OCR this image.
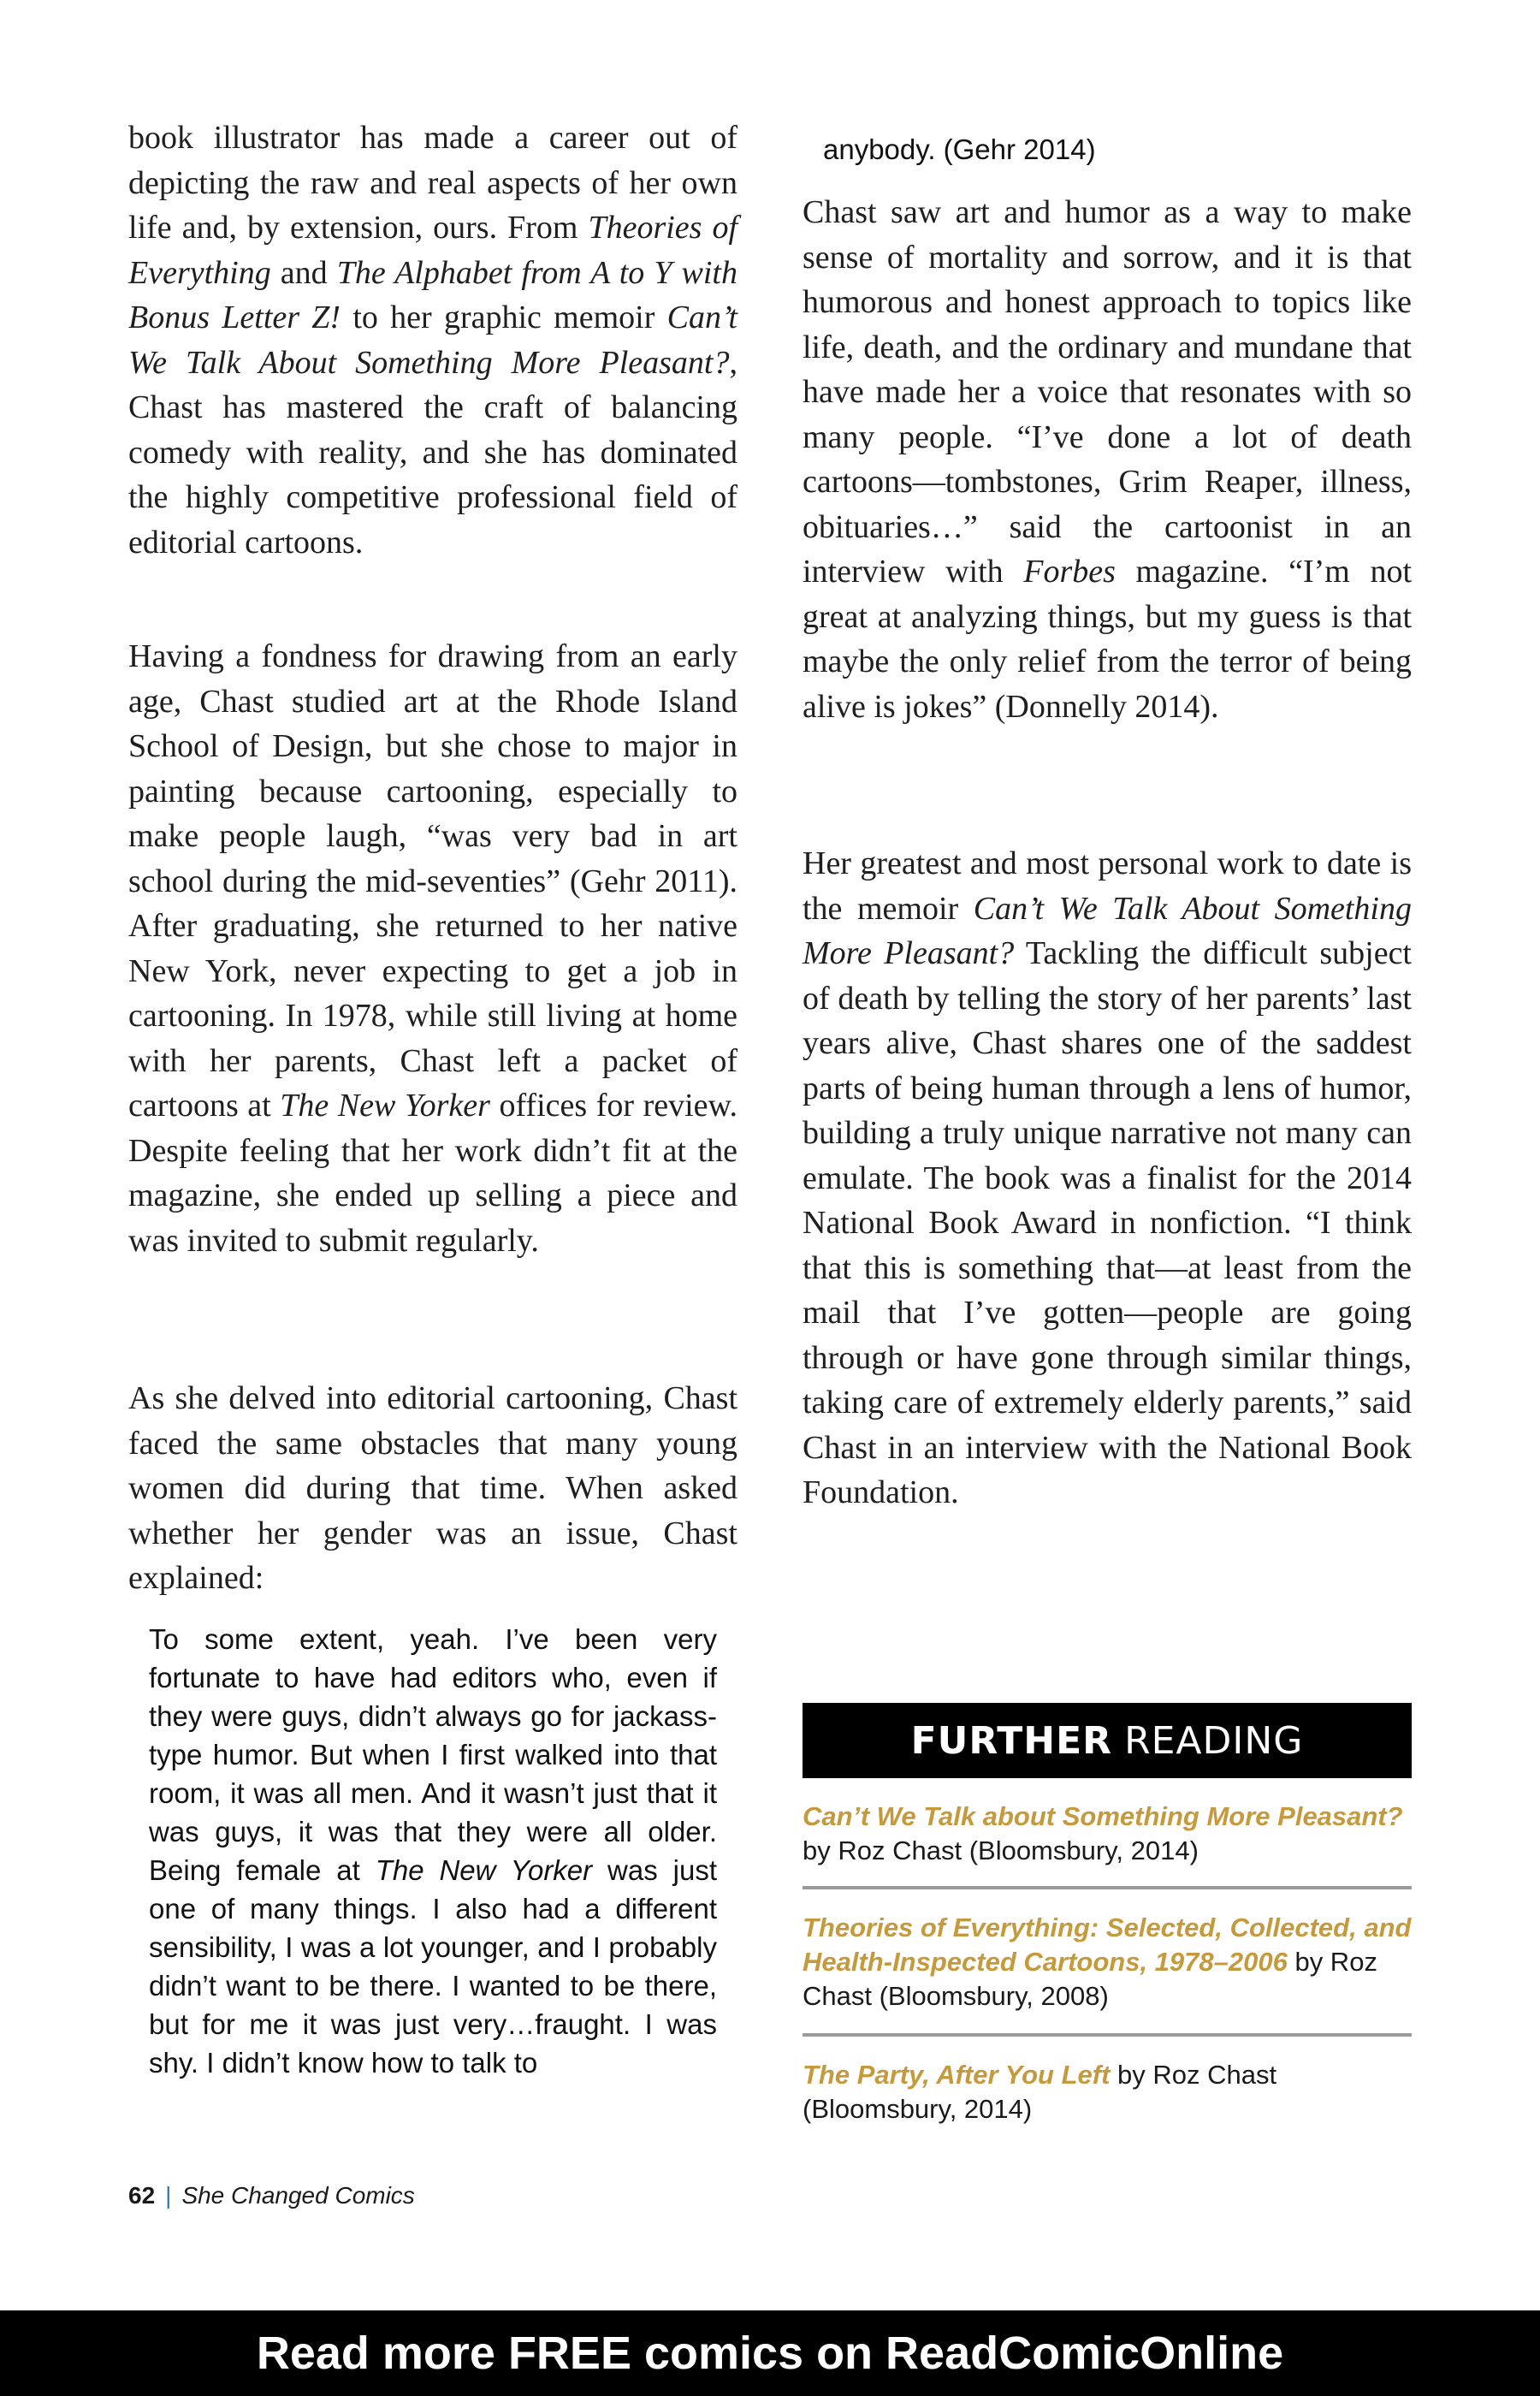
book illustrator has made a career out of depicting the raw and real aspects of her own life and, by extension, ours. From Theories of Everything and The Alphabet from A to Y with Bonus Letter Z! to her graphic memoir Can’t We Talk About Something More Pleasant?, Chast has mastered the craft of balancing comedy with reality, and she has dominated the highly competitive professional field of editorial cartoons.

Having a fondness for drawing from an early age, Chast studied art at the Rhode Island School of Design, but she chose to major in painting because cartooning, especially to make people laugh, “was very bad in art school during the mid-seventies” (Gehr 2011). After graduating, she returned to her native New York, never expecting to get a job in cartooning. In 1978, while still living at home with her parents, Chast left a packet of cartoons at The New Yorker offices for review. Despite feeling that her work didn’t fit at the magazine, she ended up selling a piece and was invited to submit regularly.

As she delved into editorial cartooning, Chast faced the same obstacles that many young women did during that time. When asked whether her gender was an issue, Chast explained:

To some extent, yeah. I’ve been very fortunate to have had editors who, even if they were guys, didn’t always go for jackass-type humor. But when I first walked into that room, it was all men. And it wasn’t just that it was guys, it was that they were all older. Being female at The New Yorker was just one of many things. I also had a different sensibility, I was a lot younger, and I probably didn’t want to be there. I wanted to be there, but for me it was just very…fraught. I was shy. I didn’t know how to talk to

anybody. (Gehr 2014)

Chast saw art and humor as a way to make sense of mortality and sorrow, and it is that humorous and honest approach to topics like life, death, and the ordinary and mundane that have made her a voice that resonates with so many people. “I’ve done a lot of death cartoons—tombstones, Grim Reaper, illness, obituaries…” said the cartoonist in an interview with Forbes magazine. “I’m not great at analyzing things, but my guess is that maybe the only relief from the terror of being alive is jokes” (Donnelly 2014).

Her greatest and most personal work to date is the memoir Can’t We Talk About Something More Pleasant? Tackling the difficult subject of death by telling the story of her parents’ last years alive, Chast shares one of the saddest parts of being human through a lens of humor, building a truly unique narrative not many can emulate. The book was a finalist for the 2014 National Book Award in nonfiction. “I think that this is something that—at least from the mail that I’ve gotten—people are going through or have gone through similar things, taking care of extremely elderly parents,” said Chast in an interview with the National Book Foundation.

FURTHER READING

Can’t We Talk about Something More Pleasant? by Roz Chast (Bloomsbury, 2014)

Theories of Everything: Selected, Collected, and Health-Inspected Cartoons, 1978–2006 by Roz Chast (Bloomsbury, 2008)

The Party, After You Left by Roz Chast (Bloomsbury, 2014)

62 | She Changed Comics
Read more FREE comics on ReadComicOnline
